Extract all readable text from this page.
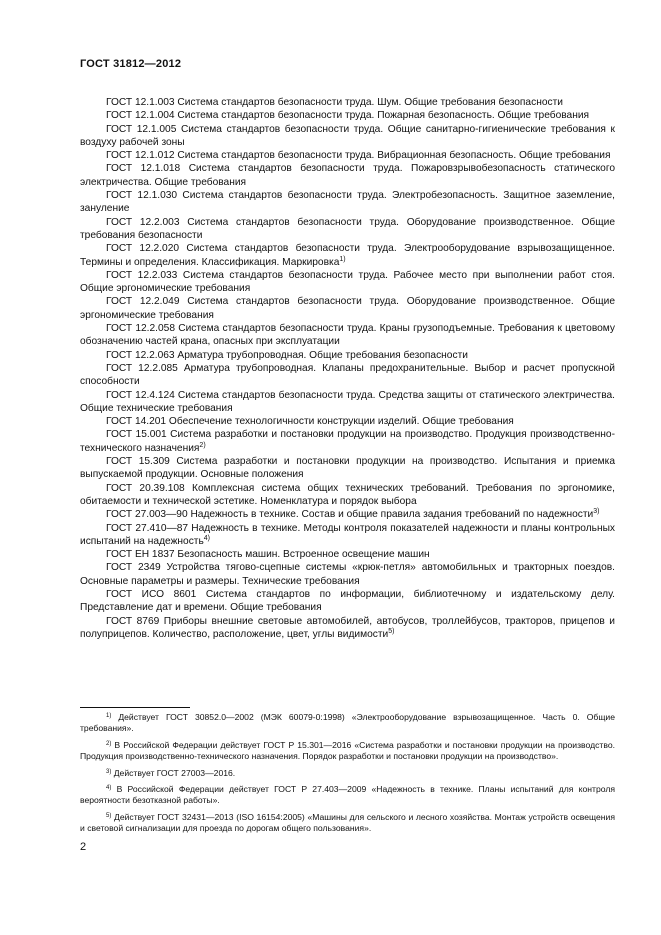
ГОСТ 31812—2012

ГОСТ 12.1.003 Система стандартов безопасности труда. Шум. Общие требования безопасности

ГОСТ 12.1.004 Система стандартов безопасности труда. Пожарная безопасность. Общие требования

ГОСТ 12.1.005 Система стандартов безопасности труда. Общие санитарно-гигиенические требования к воздуху рабочей зоны

ГОСТ 12.1.012 Система стандартов безопасности труда. Вибрационная безопасность. Общие требования

ГОСТ 12.1.018 Система стандартов безопасности труда. Пожаровзрывобезопасность статического электричества. Общие требования

ГОСТ 12.1.030 Система стандартов безопасности труда. Электробезопасность. Защитное заземление, зануление

ГОСТ 12.2.003 Система стандартов безопасности труда. Оборудование производственное. Общие требования безопасности

ГОСТ 12.2.020 Система стандартов безопасности труда. Электрооборудование взрывозащищенное. Термины и определения. Классификация. Маркировка$^{1)}$

ГОСТ 12.2.033 Система стандартов безопасности труда. Рабочее место при выполнении работ стоя. Общие эргономические требования

ГОСТ 12.2.049 Система стандартов безопасности труда. Оборудование производственное. Общие эргономические требования

ГОСТ 12.2.058 Система стандартов безопасности труда. Краны грузоподъемные. Требования к цветовому обозначению частей крана, опасных при эксплуатации

ГОСТ 12.2.063 Арматура трубопроводная. Общие требования безопасности

ГОСТ 12.2.085 Арматура трубопроводная. Клапаны предохранительные. Выбор и расчет пропускной способности

ГОСТ 12.4.124 Система стандартов безопасности труда. Средства защиты от статического электричества. Общие технические требования

ГОСТ 14.201 Обеспечение технологичности конструкции изделий. Общие требования

ГОСТ 15.001 Система разработки и постановки продукции на производство. Продукция производственно-технического назначения$^{2)}$

ГОСТ 15.309 Система разработки и постановки продукции на производство. Испытания и приемка выпускаемой продукции. Основные положения

ГОСТ 20.39.108 Комплексная система общих технических требований. Требования по эргономике, обитаемости и технической эстетике. Номенклатура и порядок выбора

ГОСТ 27.003—90 Надежность в технике. Состав и общие правила задания требований по надежности$^{3)}$

ГОСТ 27.410—87 Надежность в технике. Методы контроля показателей надежности и планы контрольных испытаний на надежность$^{4)}$

ГОСТ EH 1837 Безопасность машин. Встроенное освещение машин

ГОСТ 2349 Устройства тягово-сцепные системы «крюк-петля» автомобильных и тракторных поездов. Основные параметры и размеры. Технические требования

ГОСТ ИСО 8601 Система стандартов по информации, библиотечному и издательскому делу. Представление дат и времени. Общие требования

ГОСТ 8769 Приборы внешние световые автомобилей, автобусов, троллейбусов, тракторов, прицепов и полуприцепов. Количество, расположение, цвет, углы видимости$^{5)}$

$^{1)}$ Действует ГОСТ 30852.0—2002 (МЭК 60079-0:1998) «Электрооборудование взрывозащищенное. Часть 0. Общие требования».

$^{2)}$ В Российской Федерации действует ГОСТ Р 15.301—2016 «Система разработки и постановки продукции на производство. Продукция производственно-технического назначения. Порядок разработки и постановки продукции на производство».

$^{3)}$ Действует ГОСТ 27003—2016.

$^{4)}$ В Российской Федерации действует ГОСТ Р 27.403—2009 «Надежность в технике. Планы испытаний для контроля вероятности безотказной работы».

$^{5)}$ Действует ГОСТ 32431—2013 (ISO 16154:2005) «Машины для сельского и лесного хозяйства. Монтаж устройств освещения и световой сигнализации для проезда по дорогам общего пользования».

2
